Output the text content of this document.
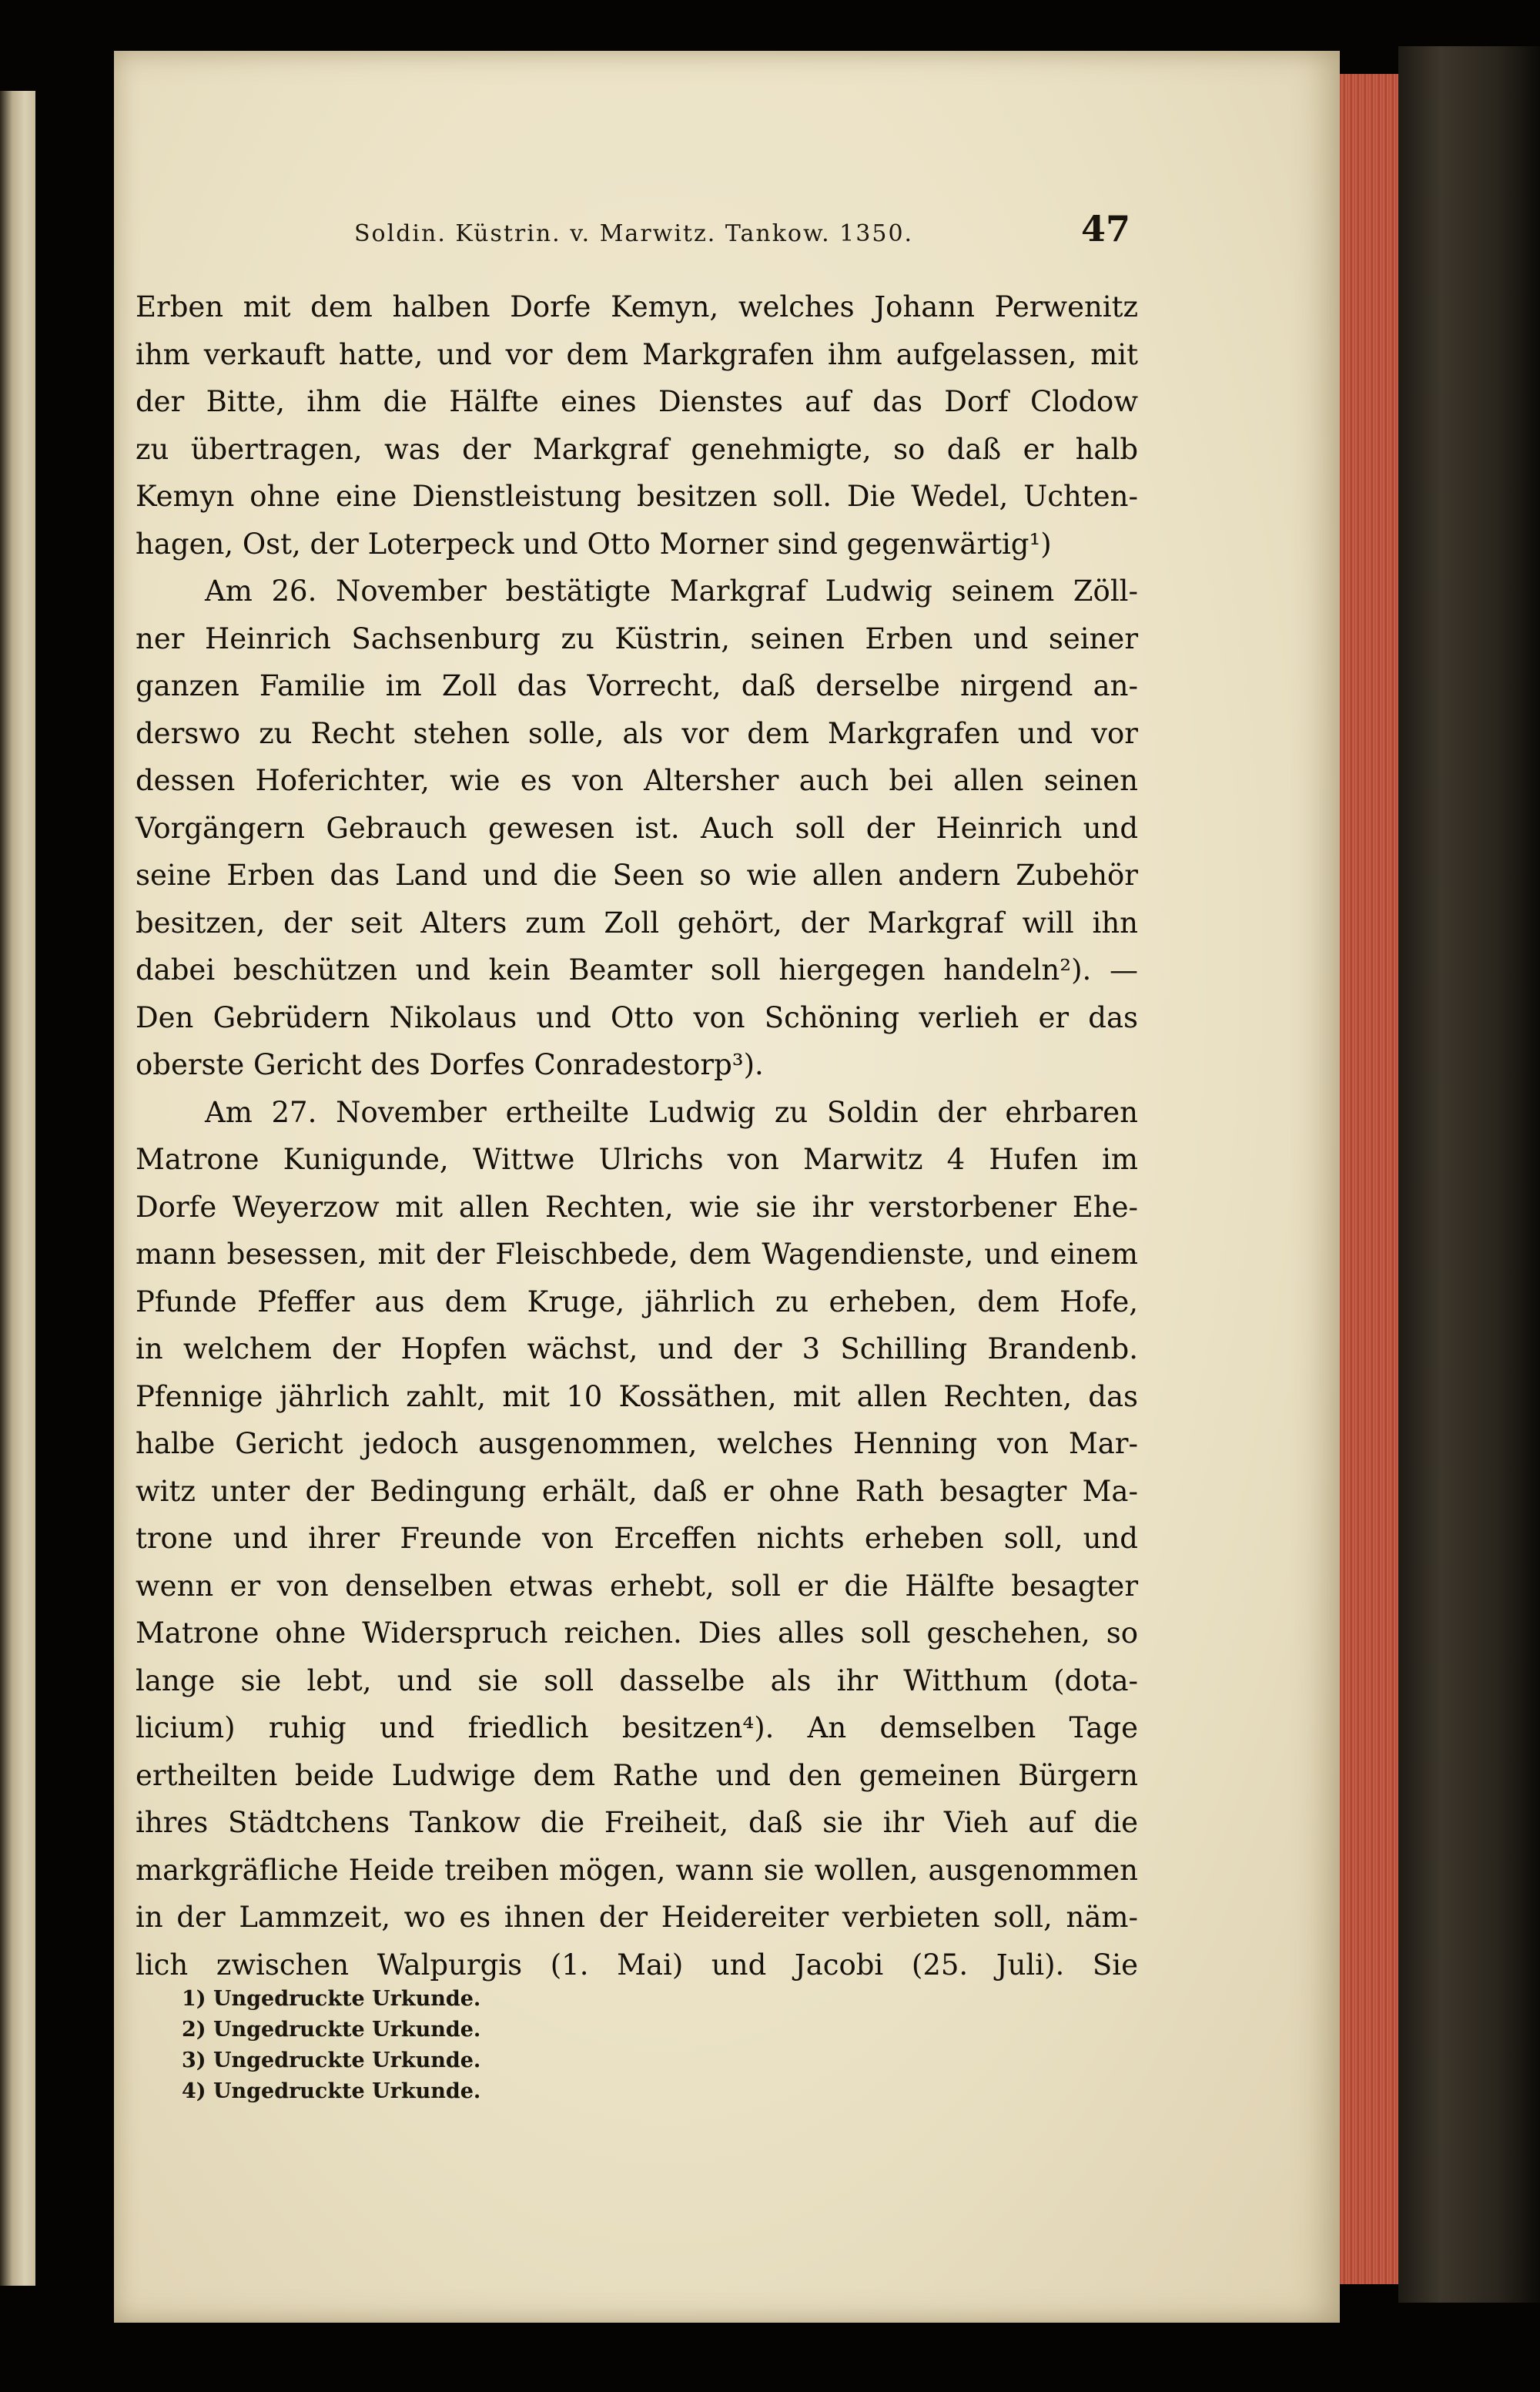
Soldin. Küstrin. v. Marwitz. Tankow. 1350.	47
Erben mit dem halben Dorfe Kemyn, welches Johann Perwenitz
ihm verkauft hatte, und vor dem Markgrafen ihm aufgelassen, mit
der Bitte, ihm die Hälfte eines Dienstes auf das Dorf Clodow
zu übertragen, was der Markgraf genehmigte, so daß er halb
Kemyn ohne eine Dienstleistung besitzen soll. Die Wedel, Uchten-
hagen, Ost, der Loterpeck und Otto Morner sind gegenwärtig¹)
Am 26. November bestätigte Markgraf Ludwig seinem Zöll-
ner Heinrich Sachsenburg zu Küstrin, seinen Erben und seiner
ganzen Familie im Zoll das Vorrecht, daß derselbe nirgend an-
derswo zu Recht stehen solle, als vor dem Markgrafen und vor
dessen Hoferichter, wie es von Altersher auch bei allen seinen
Vorgängern Gebrauch gewesen ist. Auch soll der Heinrich und
seine Erben das Land und die Seen so wie allen andern Zubehör
besitzen, der seit Alters zum Zoll gehört, der Markgraf will ihn
dabei beschützen und kein Beamter soll hiergegen handeln²). —
Den Gebrüdern Nikolaus und Otto von Schöning verlieh er das
oberste Gericht des Dorfes Conradestorp³).
Am 27. November ertheilte Ludwig zu Soldin der ehrbaren
Matrone Kunigunde, Wittwe Ulrichs von Marwitz 4 Hufen im
Dorfe Weyerzow mit allen Rechten, wie sie ihr verstorbener Ehe-
mann besessen, mit der Fleischbede, dem Wagendienste, und einem
Pfunde Pfeffer aus dem Kruge, jährlich zu erheben, dem Hofe,
in welchem der Hopfen wächst, und der 3 Schilling Brandenb.
Pfennige jährlich zahlt, mit 10 Kossäthen, mit allen Rechten, das
halbe Gericht jedoch ausgenommen, welches Henning von Mar-
witz unter der Bedingung erhält, daß er ohne Rath besagter Ma-
trone und ihrer Freunde von Erceffen nichts erheben soll, und
wenn er von denselben etwas erhebt, soll er die Hälfte besagter
Matrone ohne Widerspruch reichen. Dies alles soll geschehen, so
lange sie lebt, und sie soll dasselbe als ihr Witthum (dota-
licium) ruhig und friedlich besitzen⁴). An demselben Tage
ertheilten beide Ludwige dem Rathe und den gemeinen Bürgern
ihres Städtchens Tankow die Freiheit, daß sie ihr Vieh auf die
markgräfliche Heide treiben mögen, wann sie wollen, ausgenommen
in der Lammzeit, wo es ihnen der Heidereiter verbieten soll, näm-
lich zwischen Walpurgis (1. Mai) und Jacobi (25. Juli). Sie
1) Ungedruckte Urkunde.
2) Ungedruckte Urkunde.
3) Ungedruckte Urkunde.
4) Ungedruckte Urkunde.
